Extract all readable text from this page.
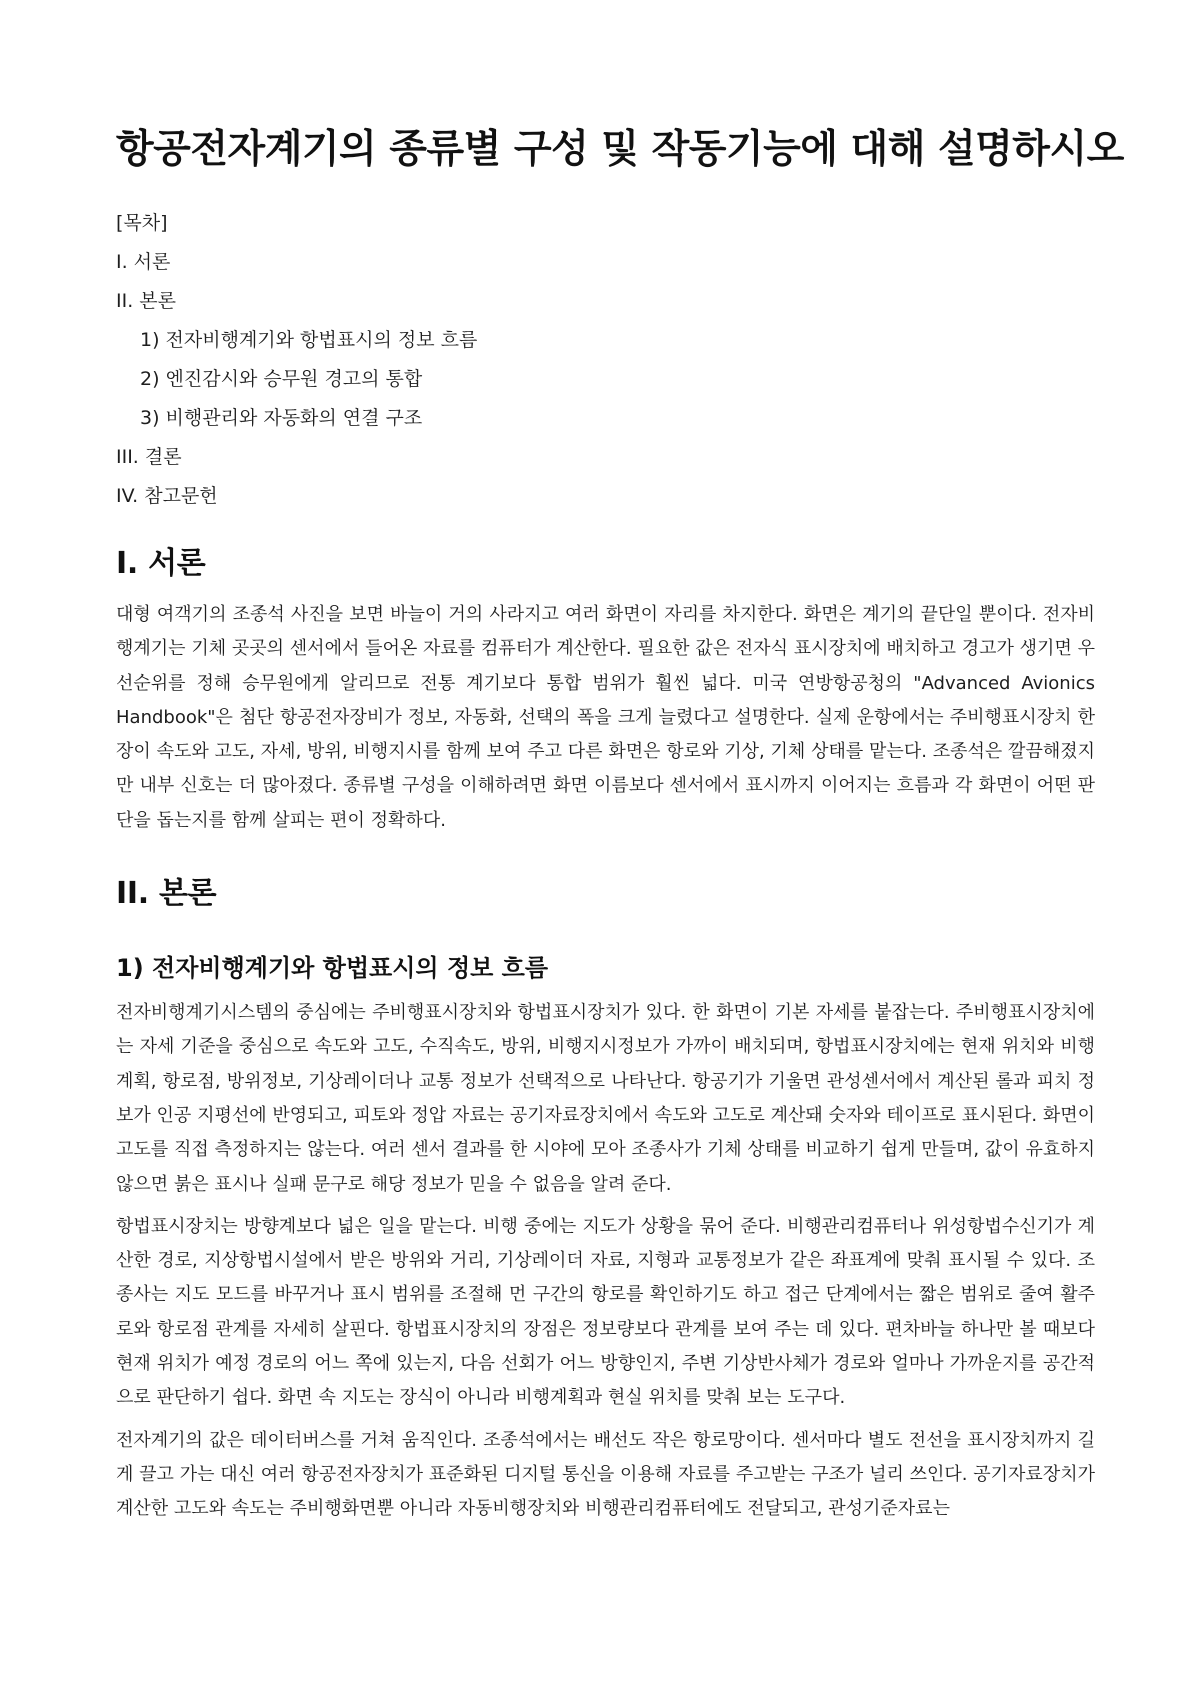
항공전자계기의 종류별 구성 및 작동기능에 대해 설명하시오
[목차]
I. 서론
II. 본론
1) 전자비행계기와 항법표시의 정보 흐름
2) 엔진감시와 승무원 경고의 통합
3) 비행관리와 자동화의 연결 구조
III. 결론
IV. 참고문헌
I. 서론

대형 여객기의 조종석 사진을 보면 바늘이 거의 사라지고 여러 화면이 자리를 차지한다. 화면은 계기의 끝단일 뿐이다. 전자비행계기는 기체 곳곳의 센서에서 들어온 자료를 컴퓨터가 계산한다. 필요한 값은 전자식 표시장치에 배치하고 경고가 생기면 우선순위를 정해 승무원에게 알리므로 전통 계기보다 통합 범위가 훨씬 넓다. 미국 연방항공청의 "Advanced Avionics Handbook"은 첨단 항공전자장비가 정보, 자동화, 선택의 폭을 크게 늘렸다고 설명한다. 실제 운항에서는 주비행표시장치 한 장이 속도와 고도, 자세, 방위, 비행지시를 함께 보여 주고 다른 화면은 항로와 기상, 기체 상태를 맡는다. 조종석은 깔끔해졌지만 내부 신호는 더 많아졌다. 종류별 구성을 이해하려면 화면 이름보다 센서에서 표시까지 이어지는 흐름과 각 화면이 어떤 판단을 돕는지를 함께 살피는 편이 정확하다.

II. 본론
1) 전자비행계기와 항법표시의 정보 흐름

전자비행계기시스템의 중심에는 주비행표시장치와 항법표시장치가 있다. 한 화면이 기본 자세를 붙잡는다. 주비행표시장치에는 자세 기준을 중심으로 속도와 고도, 수직속도, 방위, 비행지시정보가 가까이 배치되며, 항법표시장치에는 현재 위치와 비행계획, 항로점, 방위정보, 기상레이더나 교통 정보가 선택적으로 나타난다. 항공기가 기울면 관성센서에서 계산된 롤과 피치 정보가 인공 지평선에 반영되고, 피토와 정압 자료는 공기자료장치에서 속도와 고도로 계산돼 숫자와 테이프로 표시된다. 화면이 고도를 직접 측정하지는 않는다. 여러 센서 결과를 한 시야에 모아 조종사가 기체 상태를 비교하기 쉽게 만들며, 값이 유효하지 않으면 붉은 표시나 실패 문구로 해당 정보가 믿을 수 없음을 알려 준다.

항법표시장치는 방향계보다 넓은 일을 맡는다. 비행 중에는 지도가 상황을 묶어 준다. 비행관리컴퓨터나 위성항법수신기가 계산한 경로, 지상항법시설에서 받은 방위와 거리, 기상레이더 자료, 지형과 교통정보가 같은 좌표계에 맞춰 표시될 수 있다. 조종사는 지도 모드를 바꾸거나 표시 범위를 조절해 먼 구간의 항로를 확인하기도 하고 접근 단계에서는 짧은 범위로 줄여 활주로와 항로점 관계를 자세히 살핀다. 항법표시장치의 장점은 정보량보다 관계를 보여 주는 데 있다. 편차바늘 하나만 볼 때보다 현재 위치가 예정 경로의 어느 쪽에 있는지, 다음 선회가 어느 방향인지, 주변 기상반사체가 경로와 얼마나 가까운지를 공간적으로 판단하기 쉽다. 화면 속 지도는 장식이 아니라 비행계획과 현실 위치를 맞춰 보는 도구다.

전자계기의 값은 데이터버스를 거쳐 움직인다. 조종석에서는 배선도 작은 항로망이다. 센서마다 별도 전선을 표시장치까지 길게 끌고 가는 대신 여러 항공전자장치가 표준화된 디지털 통신을 이용해 자료를 주고받는 구조가 널리 쓰인다. 공기자료장치가 계산한 고도와 속도는 주비행화면뿐 아니라 자동비행장치와 비행관리컴퓨터에도 전달되고, 관성기준자료는
